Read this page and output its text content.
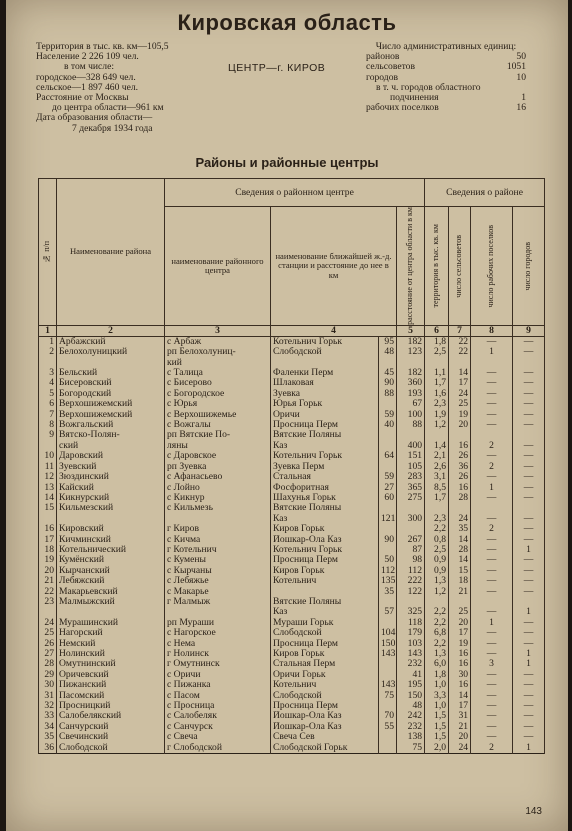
Кировская область
Территория в тыс. кв. км—105,5
Население 2 226 109 чел.
в том числе:
городское—328 649 чел.
сельское—1 897 460 чел.
Расстояние от Москвы
до центра области—961 км
Дата образования области—
7 декабря 1934 года
ЦЕНТР—г. КИРОВ
Число административных единиц:
районов	50
сельсоветов	1051
городов	10
в т. ч. городов областного
подчинения	1
рабочих поселков	16
Районы и районные центры
№ п/п	Наименование района	Сведения о районном центре				Сведения о районе			

		наименование районного центра	наименование ближайшей ж.-д. станции и расстояние до нее в км		расстояние от центра области в км	территория в тыс. кв. км	число сельсоветов	число рабочих поселков	число городов

1	2	3	4		5	6	7	8	9
1	Арбажский	с Арбаж	Котельнич Горьк	95	182	1,8	22	—	—
2	Белохолуницкий	рп Белохолуниц-	Слободской	48	123	2,5	22	1	—
		кий							
3	Бельский	с Талица	Фаленки Перм	45	182	1,1	14	—	—
4	Бисеровский	с Бисерово	Шлаковая	90	360	1,7	17	—	—
5	Богородский	с Богородское	Зуевка	88	193	1,6	24	—	—
6	Верхошижемский	с Юрья	Юрья Горьк		67	2,3	25	—	—
7	Верхошижемский	с Верхошижемье	Оричи	59	100	1,9	19	—	—
8	Вожгальский	с Вожгалы	Просница Перм	40	88	1,2	20	—	—
9	Вятско-Полян-	рп Вятские По-	Вятские Поляны						
	ский	ляны	Каз		400	1,4	16	2	—
10	Даровский	с Даровское	Котельнич Горьк	64	151	2,1	26	—	—
11	Зуевский	рп Зуевка	Зуевка Перм		105	2,6	36	2	—
12	Зюздинский	с Афанасьево	Стальная	59	283	3,1	26	—	—
13	Кайский	с Лойно	Фосфоритная	27	365	8,5	16	1	—
14	Кикнурский	с Кикнур	Шахунья Горьк	60	275	1,7	28	—	—
15	Кильмезский	с Кильмезь	Вятские Поляны						
			Каз	121	300	2,3	24	—	—
16	Кировский	г Киров	Киров Горьк			2,2	35	2	—
17	Кичминский	с Кичма	Йошкар-Ола Каз	90	267	0,8	14	—	—
18	Котельнический	г Котельнич	Котельнич Горьк		87	2,5	28	—	1
19	Кумёнский	с Кумены	Просница Перм	50	98	0,9	14	—	—
20	Кырчанский	с Кырчаны	Киров Горьк	112	112	0,9	15	—	—
21	Лебяжский	с Лебяжье	Котельнич	135	222	1,3	18	—	—
22	Макарьевский	с Макарье		35	122	1,2	21	—	—
23	Малмыжский	г Малмыж	Вятские Поляны						
			Каз	57	325	2,2	25	—	1
24	Мурашинский	рп Мураши	Мураши Горьк		118	2,2	20	1	—
25	Нагорский	с Нагорское	Слободской	104	179	6,8	17	—	—
26	Немский	с Нема	Просница Перм	150	103	2,2	19	—	—
27	Нолинский	г Нолинск	Киров Горьк	143	143	1,3	16	—	1
28	Омутнинский	г Омутнинск	Стальная Перм		232	6,0	16	3	1
29	Оричевский	с Оричи	Оричи Горьк		41	1,8	30	—	—
30	Пижанский	с Пижанка	Котельнич	143	195	1,0	16	—	—
31	Пасомский	с Пасом	Слободской	75	150	3,3	14	—	—
32	Просницкий	с Просница	Просница Перм		48	1,0	17	—	—
33	Салобелякский	с Салобеляк	Йошкар-Ола Каз	70	242	1,5	31	—	—
34	Санчурский	с Санчурск	Йошкар-Ола Каз	55	232	1,5	21	—	—
35	Свечинский	с Свеча	Свеча Сев		138	1,5	20	—	—
36	Слободской	г Слободской	Слободской Горьк		75	2,0	24	2	1
143
